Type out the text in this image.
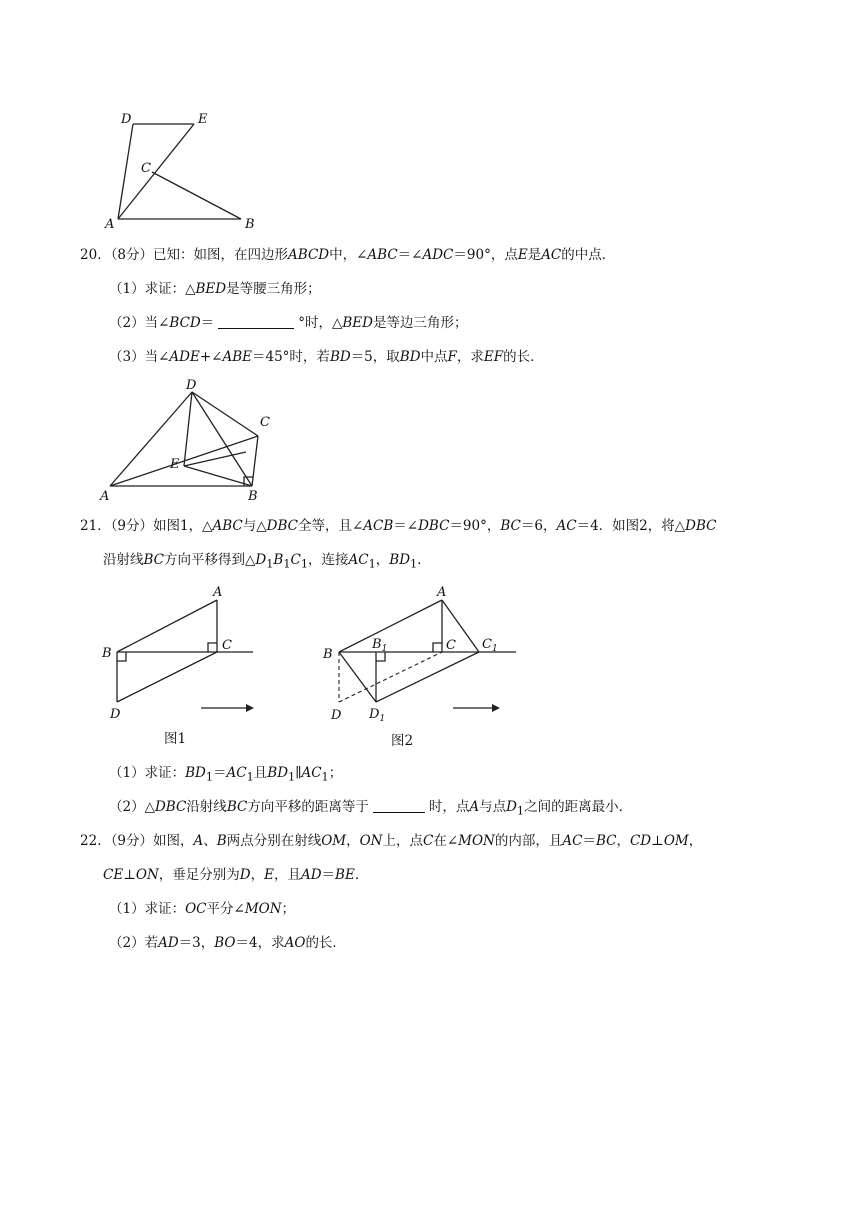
D	E
C
A	B
20．（8分）已知：如图，在四边形ABCD中，∠ABC＝∠ADC＝90°，点E是AC的中点．
（1）求证：△BED是等腰三角形；
（2）当∠BCD＝	°时，△BED是等边三角形；
（3）当∠ADE+∠ABE＝45°时，若BD＝5，取BD中点F，求EF的长．
D
C
E
A	B
21．（9分）如图1，△ABC与△DBC全等，且∠ACB＝∠DBC＝90°，BC＝6，AC＝4．如图2，将△DBC
沿射线BC方向平移得到$\triangle D_1B_1C_1$，连接$AC_1$，$BD_1$．
A
B
C
D
图1
A
B
$B_1$	C $C_1$
D $D_1$
图2
（1）求证：$BD_1=AC_1$且$BD_1\parallel AC_1$；
（2）△DBC沿射线BC方向平移的距离等于	时，点A与点$D_1$之间的距离最小．
22．（9分）如图，A、B两点分别在射线OM，ON上，点C在∠MON的内部，且AC＝BC，CD⊥OM，
CE⊥ON，垂足分别为D，E，且AD＝BE．
（1）求证：OC平分∠MON；
（2）若AD＝3，BO＝4，求AO的长．
